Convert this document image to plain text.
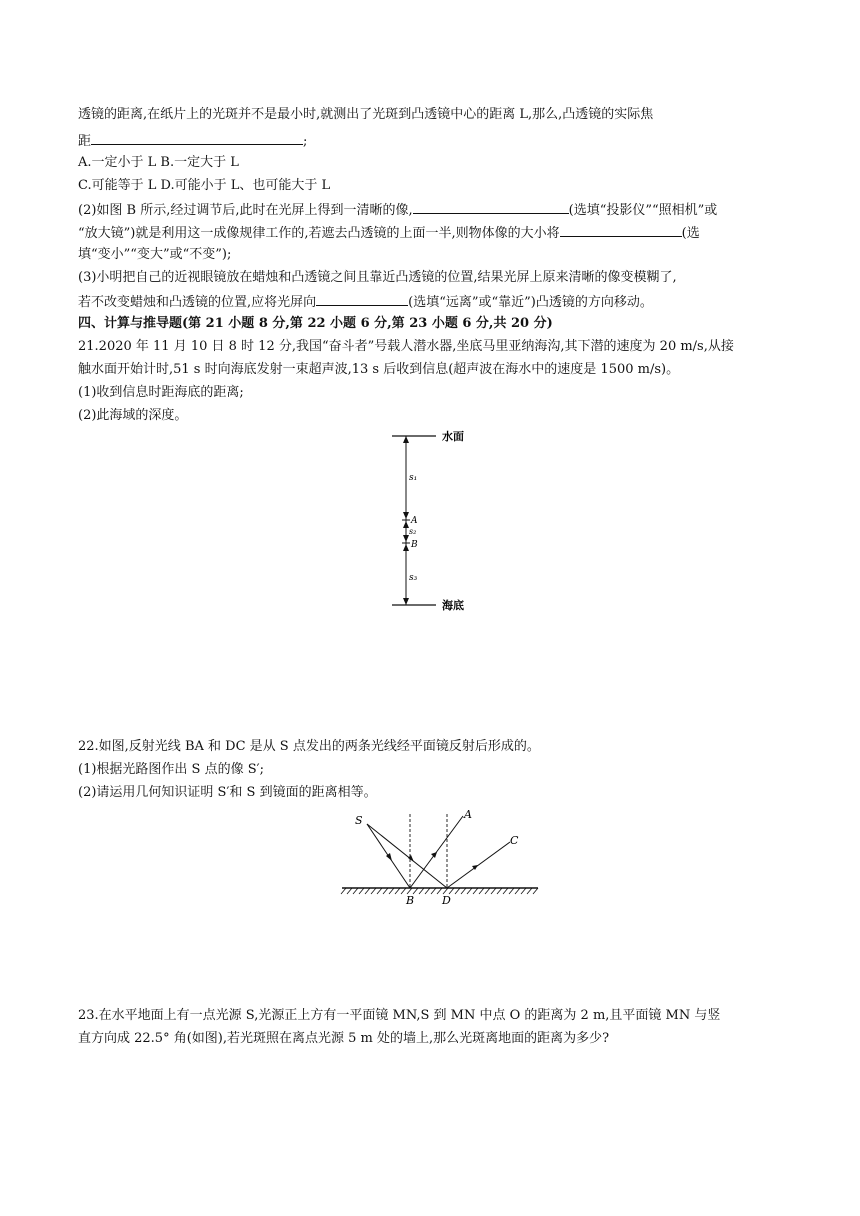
透镜的距离,在纸片上的光斑并不是最小时,就测出了光斑到凸透镜中心的距离 L,那么,凸透镜的实际焦
距	;
A.一定小于 L B.一定大于 L
C.可能等于 L D.可能小于 L、也可能大于 L
(2)如图 B 所示,经过调节后,此时在光屏上得到一清晰的像,	(选填“投影仪”“照相机”或
“放大镜”)就是利用这一成像规律工作的,若遮去凸透镜的上面一半,则物体像的大小将	(选
填“变小”“变大”或“不变”);
(3)小明把自己的近视眼镜放在蜡烛和凸透镜之间且靠近凸透镜的位置,结果光屏上原来清晰的像变模糊了,
若不改变蜡烛和凸透镜的位置,应将光屏向	(选填“远离”或“靠近”)凸透镜的方向移动。
四、计算与推导题(第 21 小题 8 分,第 22 小题 6 分,第 23 小题 6 分,共 20 分)
21.2020 年 11 月 10 日 8 时 12 分,我国“奋斗者”号载人潜水器,坐底马里亚纳海沟,其下潜的速度为 20 m/s,从接
触水面开始计时,51 s 时向海底发射一束超声波,13 s 后收到信息(超声波在海水中的速度是 1500 m/s)。
(1)收到信息时距海底的距离;
(2)此海域的深度。
水面
海底
s₁
A
s₂
B
s₃
22.如图,反射光线 BA 和 DC 是从 S 点发出的两条光线经平面镜反射后形成的。
(1)根据光路图作出 S 点的像 S′;
(2)请运用几何知识证明 S′和 S 到镜面的距离相等。
S	A
C
B	D
23.在水平地面上有一点光源 S,光源正上方有一平面镜 MN,S 到 MN 中点 O 的距离为 2 m,且平面镜 MN 与竖
直方向成 22.5° 角(如图),若光斑照在离点光源 5 m 处的墙上,那么光斑离地面的距离为多少?
